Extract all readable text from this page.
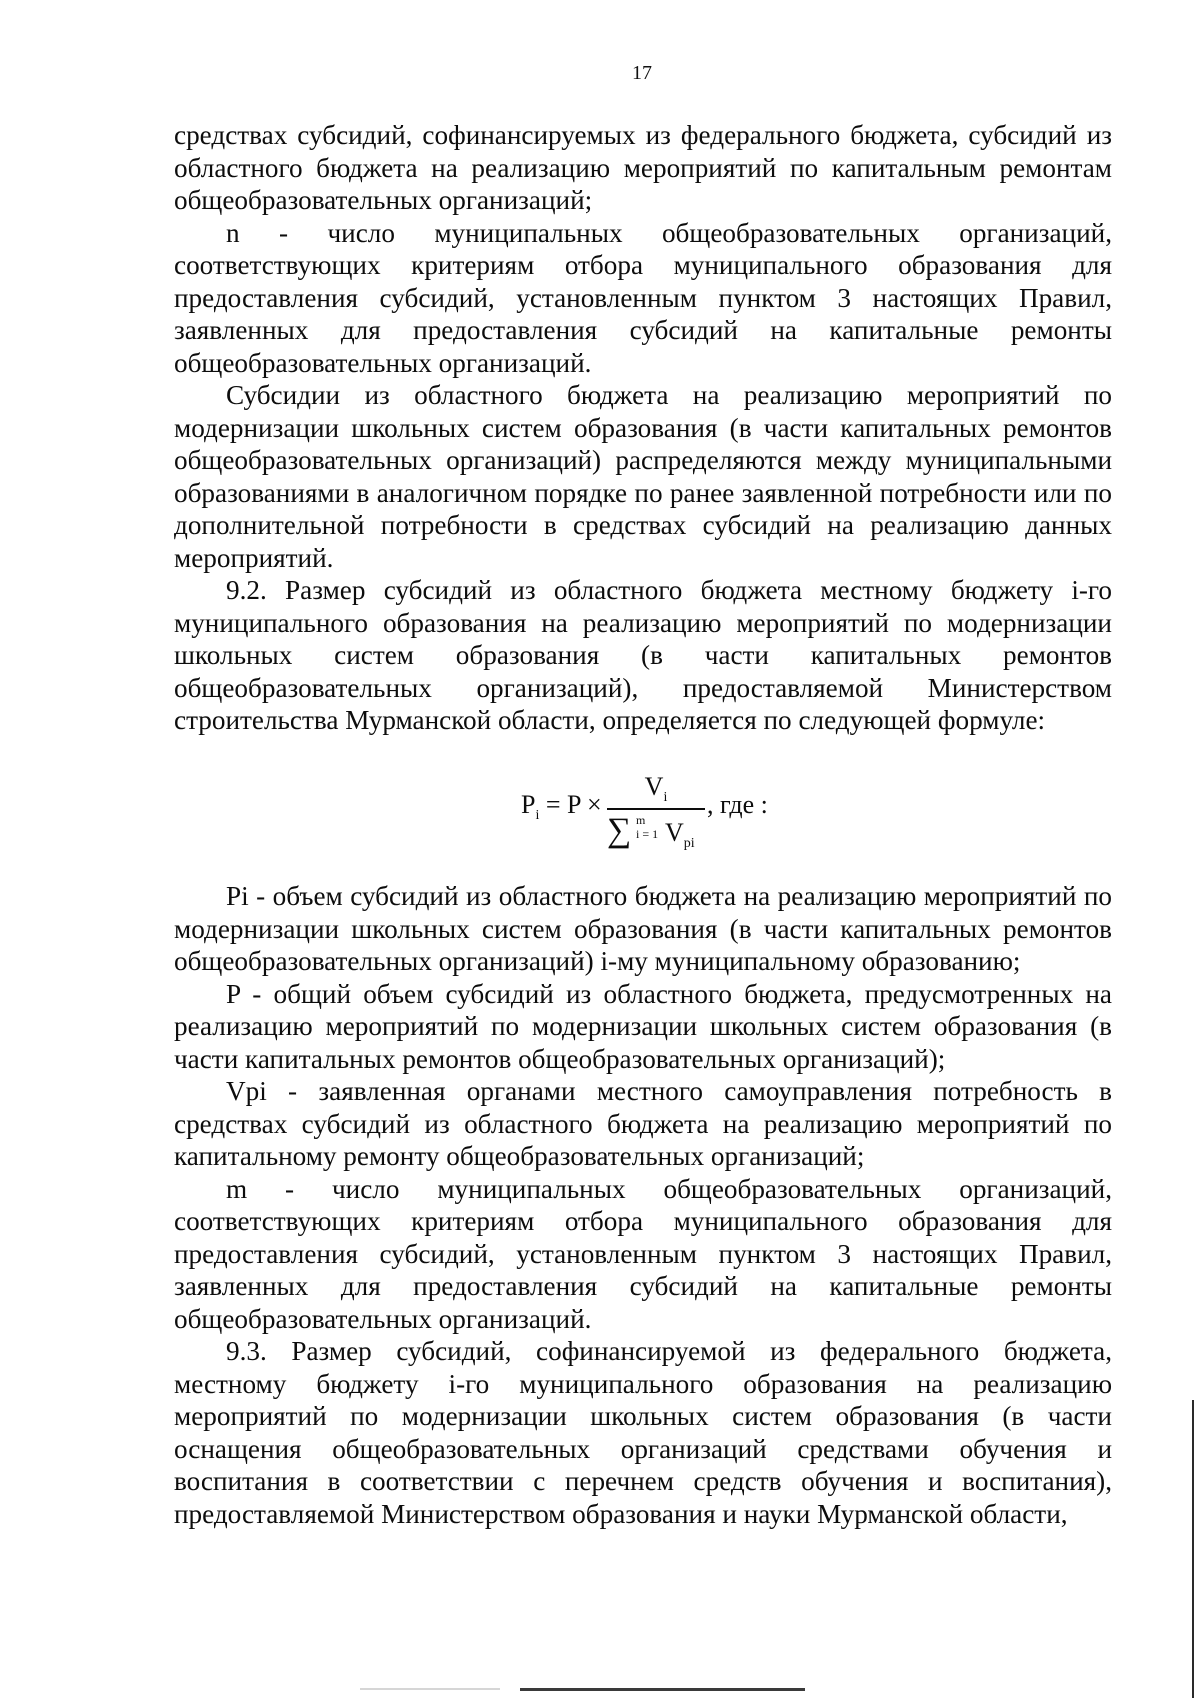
17

средствах субсидий, софинансируемых из федерального бюджета, субсидий из областного бюджета на реализацию мероприятий по капитальным ремонтам общеобразовательных организаций;

n - число муниципальных общеобразовательных организаций, соответствующих критериям отбора муниципального образования для предоставления субсидий, установленным пунктом 3 настоящих Правил, заявленных для предоставления субсидий на капитальные ремонты общеобразовательных организаций.

Субсидии из областного бюджета на реализацию мероприятий по модернизации школьных систем образования (в части капитальных ремонтов общеобразовательных организаций) распределяются между муниципальными образованиями в аналогичном порядке по ранее заявленной потребности или по дополнительной потребности в средствах субсидий на реализацию данных мероприятий.

9.2. Размер субсидий из областного бюджета местному бюджету i-го муниципального образования на реализацию мероприятий по модернизации школьных систем образования (в части капитальных ремонтов общеобразовательных организаций), предоставляемой Министерством строительства Мурманской области, определяется по следующей формуле:

$P_i = P$ ×
$V_i$
∑ m
i = 1 $V_{pi}$
, где :

Pi - объем субсидий из областного бюджета на реализацию мероприятий по модернизации школьных систем образования (в части капитальных ремонтов общеобразовательных организаций) i-му муниципальному образованию;

P - общий объем субсидий из областного бюджета, предусмотренных на реализацию мероприятий по модернизации школьных систем образования (в части капитальных ремонтов общеобразовательных организаций);

Vpi - заявленная органами местного самоуправления потребность в средствах субсидий из областного бюджета на реализацию мероприятий по капитальному ремонту общеобразовательных организаций;

m - число муниципальных общеобразовательных организаций, соответствующих критериям отбора муниципального образования для предоставления субсидий, установленным пунктом 3 настоящих Правил, заявленных для предоставления субсидий на капитальные ремонты общеобразовательных организаций.

9.3. Размер субсидий, софинансируемой из федерального бюджета, местному бюджету i-го муниципального образования на реализацию мероприятий по модернизации школьных систем образования (в части оснащения общеобразовательных организаций средствами обучения и воспитания в соответствии с перечнем средств обучения и воспитания), предоставляемой Министерством образования и науки Мурманской области,
